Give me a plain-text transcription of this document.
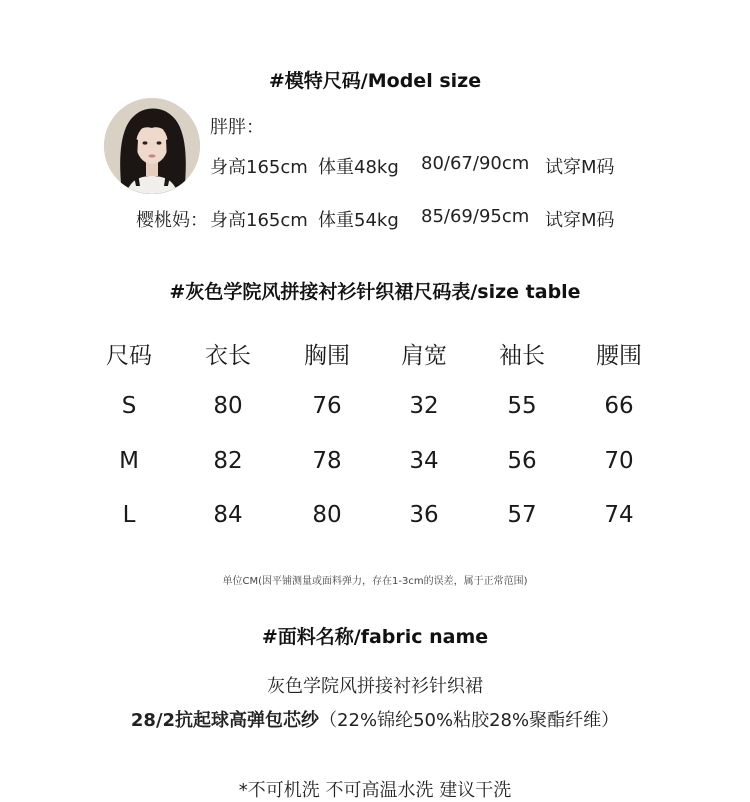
#模特尺码/Model size
胖胖：
身高165cm 体重48kg 80/67/90cm 试穿M码
樱桃妈： 身高165cm 体重54kg 85/69/95cm 试穿M码
#灰色学院风拼接衬衫针织裙尺码表/size table
尺码	衣长	胸围	肩宽	袖长	腰围
S	80	76	32	55	66
M	82	78	34	56	70
L	84	80	36	57	74
单位CM(因平铺测量或面料弹力，存在1-3cm的误差，属于正常范围)
#面料名称/fabric name
灰色学院风拼接衬衫针织裙
28/2抗起球高弹包芯纱（22%锦纶50%粘胶28%聚酯纤维）
*不可机洗 不可高温水洗 建议干洗
